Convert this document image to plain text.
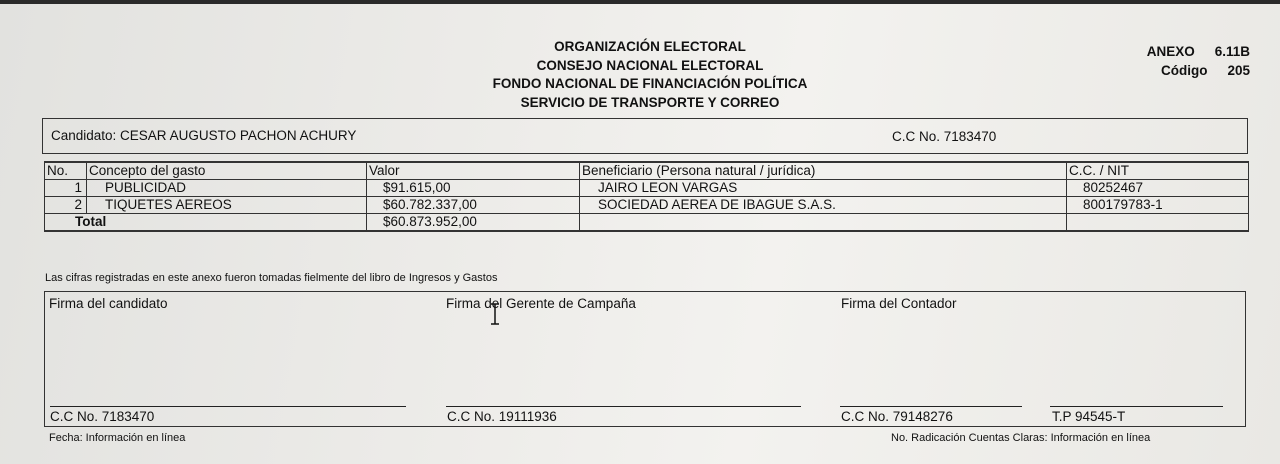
ORGANIZACIÓN ELECTORAL
CONSEJO NACIONAL ELECTORAL
FONDO NACIONAL DE FINANCIACIÓN POLÍTICA
SERVICIO DE TRANSPORTE Y CORREO
ANEXO 6.11B
Código 205
Candidato: CESAR AUGUSTO PACHON ACHURY	C.C No. 7183470
No.	Concepto del gasto	Valor	Beneficiario (Persona natural / jurídica)	C.C. / NIT
1	PUBLICIDAD	$91.615,00	JAIRO LEON VARGAS	80252467
2	TIQUETES AEREOS	$60.782.337,00	SOCIEDAD AEREA DE IBAGUE S.A.S.	800179783-1
Total		$60.873.952,00		
Las cifras registradas en este anexo fueron tomadas fielmente del libro de Ingresos y Gastos
Firma del candidato	Firma del Gerente de Campaña	Firma del Contador
C.C No. 7183470	C.C No. 19111936	C.C No. 79148276	T.P 94545-T
Fecha: Información en línea	No. Radicación Cuentas Claras: Información en línea
